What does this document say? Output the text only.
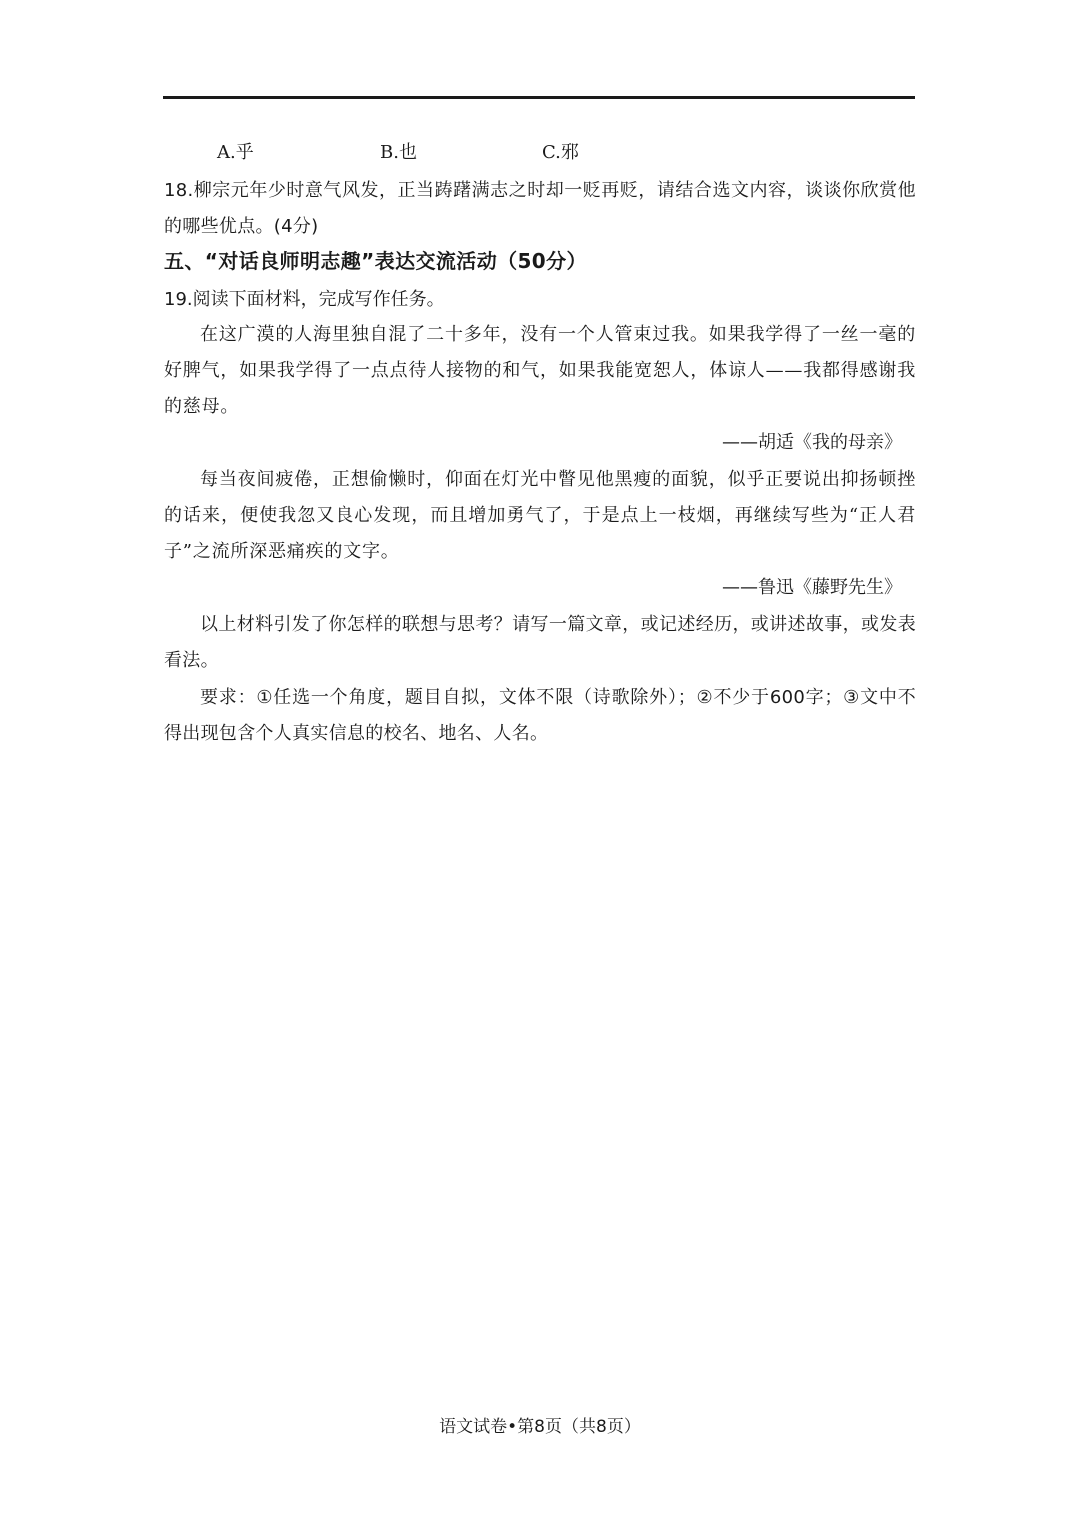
A.乎	B.也	C.邪
18.柳宗元年少时意气风发，正当踌躇满志之时却一贬再贬，请结合选文内容，谈谈你欣赏他的哪些优点。(4分)
五、“对话良师明志趣”表达交流活动（50分）
19.阅读下面材料，完成写作任务。
在这广漠的人海里独自混了二十多年，没有一个人管束过我。如果我学得了一丝一毫的好脾气，如果我学得了一点点待人接物的和气，如果我能宽恕人，体谅人——我都得感谢我的慈母。
——胡适《我的母亲》
每当夜间疲倦，正想偷懒时，仰面在灯光中瞥见他黑瘦的面貌，似乎正要说出抑扬顿挫的话来，便使我忽又良心发现，而且增加勇气了，于是点上一枝烟，再继续写些为“正人君子”之流所深恶痛疾的文字。
——鲁迅《藤野先生》
以上材料引发了你怎样的联想与思考？请写一篇文章，或记述经历，或讲述故事，或发表看法。
要求：①任选一个角度，题目自拟，文体不限（诗歌除外）；②不少于600字；③文中不得出现包含个人真实信息的校名、地名、人名。
语文试卷•第8页（共8页）
